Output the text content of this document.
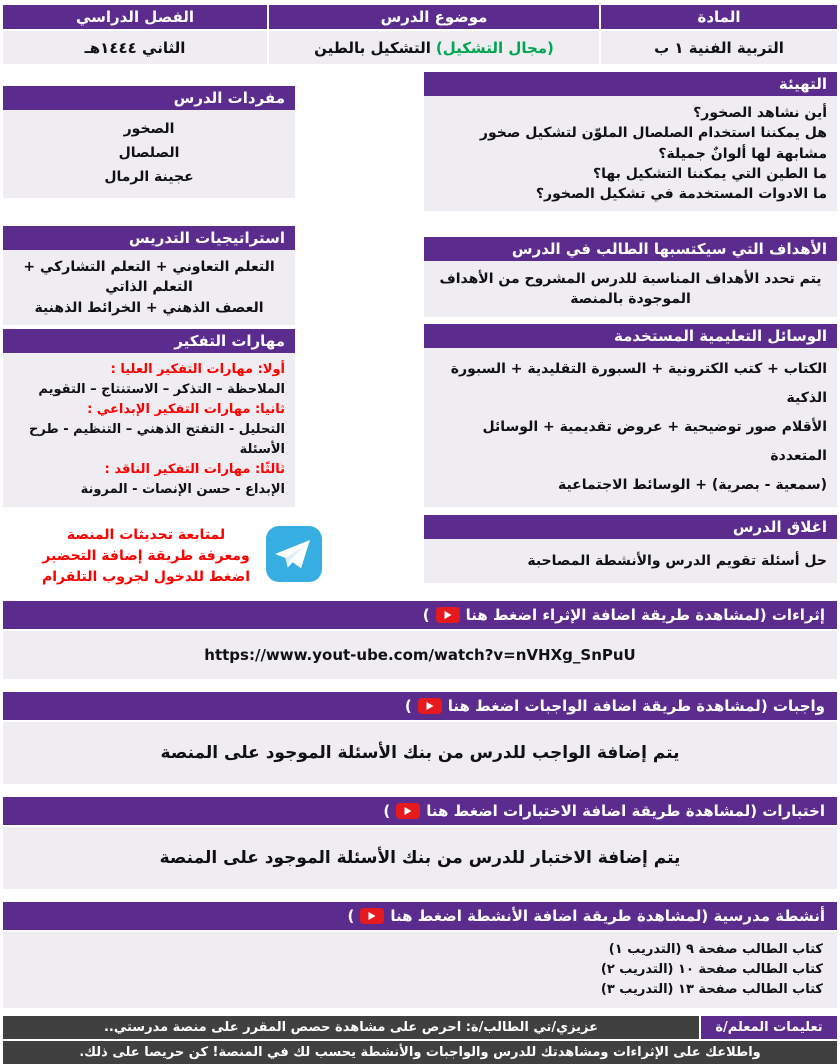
المادة
التربية الفنية ١ ب
موضوع الدرس
(مجال التشكيل)
التشكيل بالطين
الفصل الدراسي
الثاني ١٤٤٤هـ
التهيئة
أين نشاهد الصخور؟
هل يمكننا استخدام الصلصال الملوّن لتشكيل صخور مشابهة لها ألوانٌ جميلة؟
ما الطين التي يمكننا التشكيل بها؟
ما الادوات المستخدمة في تشكيل الصخور؟
الأهداف التي سيكتسبها الطالب في الدرس
يتم تحدد الأهداف المناسبة للدرس المشروح من الأهداف الموجودة بالمنصة
الوسائل التعليمية المستخدمة
الكتاب + كتب الكترونية + السبورة التقليدية + السبورة الذكية
الأقلام صور توضيحية + عروض تقديمية + الوسائل المتعددة
(سمعية - بصرية) + الوسائط الاجتماعية
اغلاق الدرس
حل أسئلة تقويم الدرس والأنشطة المصاحبة
مفردات الدرس
الصخور
الصلصال
عجينة الرمال
استراتيجيات التدريس
التعلم التعاوني + التعلم التشاركي + التعلم الذاتي
العصف الذهني + الخرائط الذهنية
مهارات التفكير
أولا: مهارات التفكير العليا :
الملاحظة – التذكر – الاستنتاج – التقويم
ثانيا: مهارات التفكير الإبداعي :
التحليل - التفتح الذهني – التنظيم - طرح الأسئلة
ثالثًا: مهارات التفكير الناقد :
الإبداع - حسن الإنصات - المرونة
لمتابعة تحديثات المنصة
ومعرفة طريقة إضافة التحضير
اضغط للدخول لجروب التلقرام
إثراءات (لمشاهدة طريقة اضافة الإثراء اضغط هنا
)
https://www.yout-ube.com/watch?v=nVHXg_SnPuU
واجبات (لمشاهدة طريقة اضافة الواجبات اضغط هنا
)
يتم إضافة الواجب للدرس من بنك الأسئلة الموجود على المنصة
اختبارات (لمشاهدة طريقة اضافة الاختبارات اضغط هنا
)
يتم إضافة الاختبار للدرس من بنك الأسئلة الموجود على المنصة
أنشطة مدرسية (لمشاهدة طريقة اضافة الأنشطة اضغط هنا
)
كتاب الطالب صفحة ٩ (التدريب ١)
كتاب الطالب صفحة ١٠ (التدريب ٢)
كتاب الطالب صفحة ١٣ (التدريب ٣)
تعليمات المعلم/ة
عزيزي/تي الطالب/ة: احرص على مشاهدة حصص المقرر على منصة مدرستي..
واطلاعك على الإثراءات ومشاهدتك للدرس والواجبات والأنشطة يحسب لك في المنصة! كن حريصا على ذلك.
